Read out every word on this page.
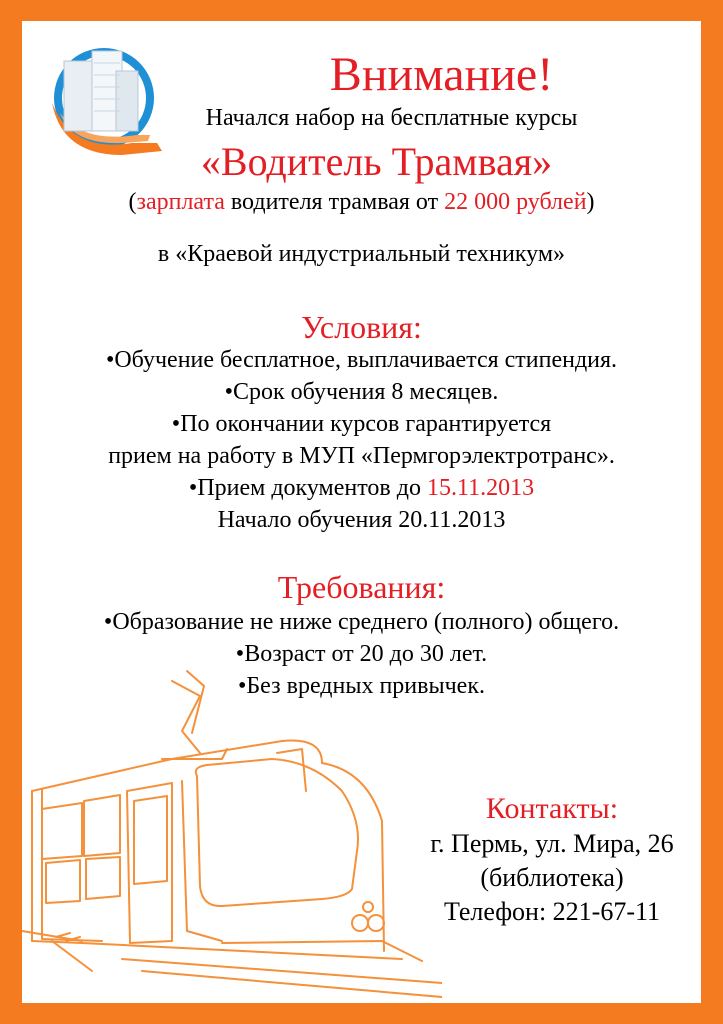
Внимание!
Начался набор на бесплатные курсы
«Водитель Трамвая»
(зарплата водителя трамвая от 22 000 рублей)
в «Краевой индустриальный техникум»
Условия:
•Обучение бесплатное, выплачивается стипендия.
•Срок обучения 8 месяцев.
•По окончании курсов гарантируется
прием на работу в МУП «Пермгорэлектротранс».
•Прием документов до 15.11.2013
Начало обучения 20.11.2013
Требования:
•Образование не ниже среднего (полного) общего.
•Возраст от 20 до 30 лет.
•Без вредных привычек.
Контакты:
г. Пермь, ул. Мира, 26
(библиотека)
Телефон: 221-67-11
